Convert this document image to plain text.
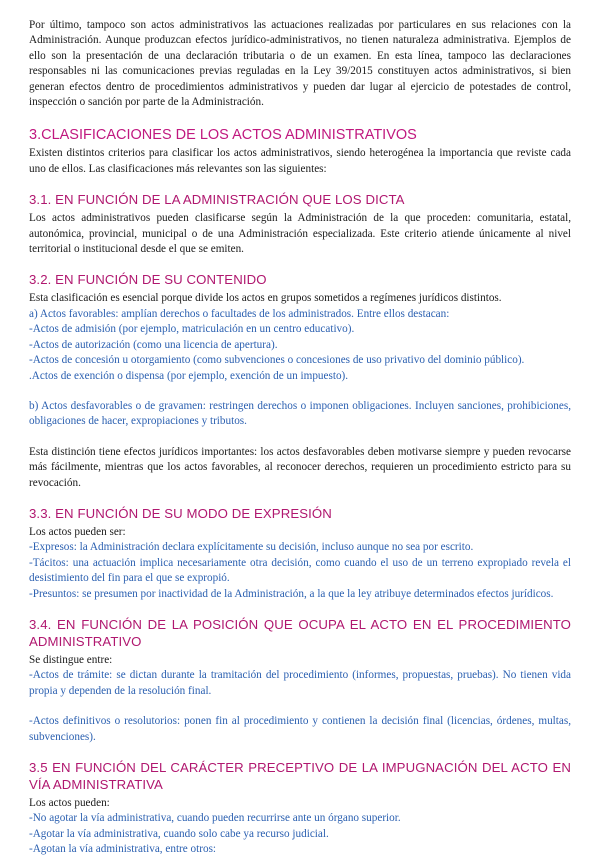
Por último, tampoco son actos administrativos las actuaciones realizadas por particulares en sus relaciones con la Administración. Aunque produzcan efectos jurídico-administrativos, no tienen naturaleza administrativa. Ejemplos de ello son la presentación de una declaración tributaria o de un examen. En esta línea, tampoco las declaraciones responsables ni las comunicaciones previas reguladas en la Ley 39/2015 constituyen actos administrativos, si bien generan efectos dentro de procedimientos administrativos y pueden dar lugar al ejercicio de potestades de control, inspección o sanción por parte de la Administración.

3.CLASIFICACIONES DE LOS ACTOS ADMINISTRATIVOS

Existen distintos criterios para clasificar los actos administrativos, siendo heterogénea la importancia que reviste cada uno de ellos. Las clasificaciones más relevantes son las siguientes:

3.1. EN FUNCIÓN DE LA ADMINISTRACIÓN QUE LOS DICTA

Los actos administrativos pueden clasificarse según la Administración de la que proceden: comunitaria, estatal, autonómica, provincial, municipal o de una Administración especializada. Este criterio atiende únicamente al nivel territorial o institucional desde el que se emiten.

3.2. EN FUNCIÓN DE SU CONTENIDO

Esta clasificación es esencial porque divide los actos en grupos sometidos a regímenes jurídicos distintos.

a) Actos favorables: amplían derechos o facultades de los administrados. Entre ellos destacan:

-Actos de admisión (por ejemplo, matriculación en un centro educativo).

-Actos de autorización (como una licencia de apertura).

-Actos de concesión u otorgamiento (como subvenciones o concesiones de uso privativo del dominio público).

.Actos de exención o dispensa (por ejemplo, exención de un impuesto).

b) Actos desfavorables o de gravamen: restringen derechos o imponen obligaciones. Incluyen sanciones, prohibiciones, obligaciones de hacer, expropiaciones y tributos.

Esta distinción tiene efectos jurídicos importantes: los actos desfavorables deben motivarse siempre y pueden revocarse más fácilmente, mientras que los actos favorables, al reconocer derechos, requieren un procedimiento estricto para su revocación.

3.3. EN FUNCIÓN DE SU MODO DE EXPRESIÓN

Los actos pueden ser:

-Expresos: la Administración declara explícitamente su decisión, incluso aunque no sea por escrito.

-Tácitos: una actuación implica necesariamente otra decisión, como cuando el uso de un terreno expropiado revela el desistimiento del fin para el que se expropió.

-Presuntos: se presumen por inactividad de la Administración, a la que la ley atribuye determinados efectos jurídicos.

3.4. EN FUNCIÓN DE LA POSICIÓN QUE OCUPA EL ACTO EN EL PROCEDIMIENTO ADMINISTRATIVO

Se distingue entre:

-Actos de trámite: se dictan durante la tramitación del procedimiento (informes, propuestas, pruebas). No tienen vida propia y dependen de la resolución final.

-Actos definitivos o resolutorios: ponen fin al procedimiento y contienen la decisión final (licencias, órdenes, multas, subvenciones).

3.5 EN FUNCIÓN DEL CARÁCTER PRECEPTIVO DE LA IMPUGNACIÓN DEL ACTO EN VÍA ADMINISTRATIVA

Los actos pueden:

-No agotar la vía administrativa, cuando pueden recurrirse ante un órgano superior.

-Agotar la vía administrativa, cuando solo cabe ya recurso judicial.

-Agotan la vía administrativa, entre otros:
